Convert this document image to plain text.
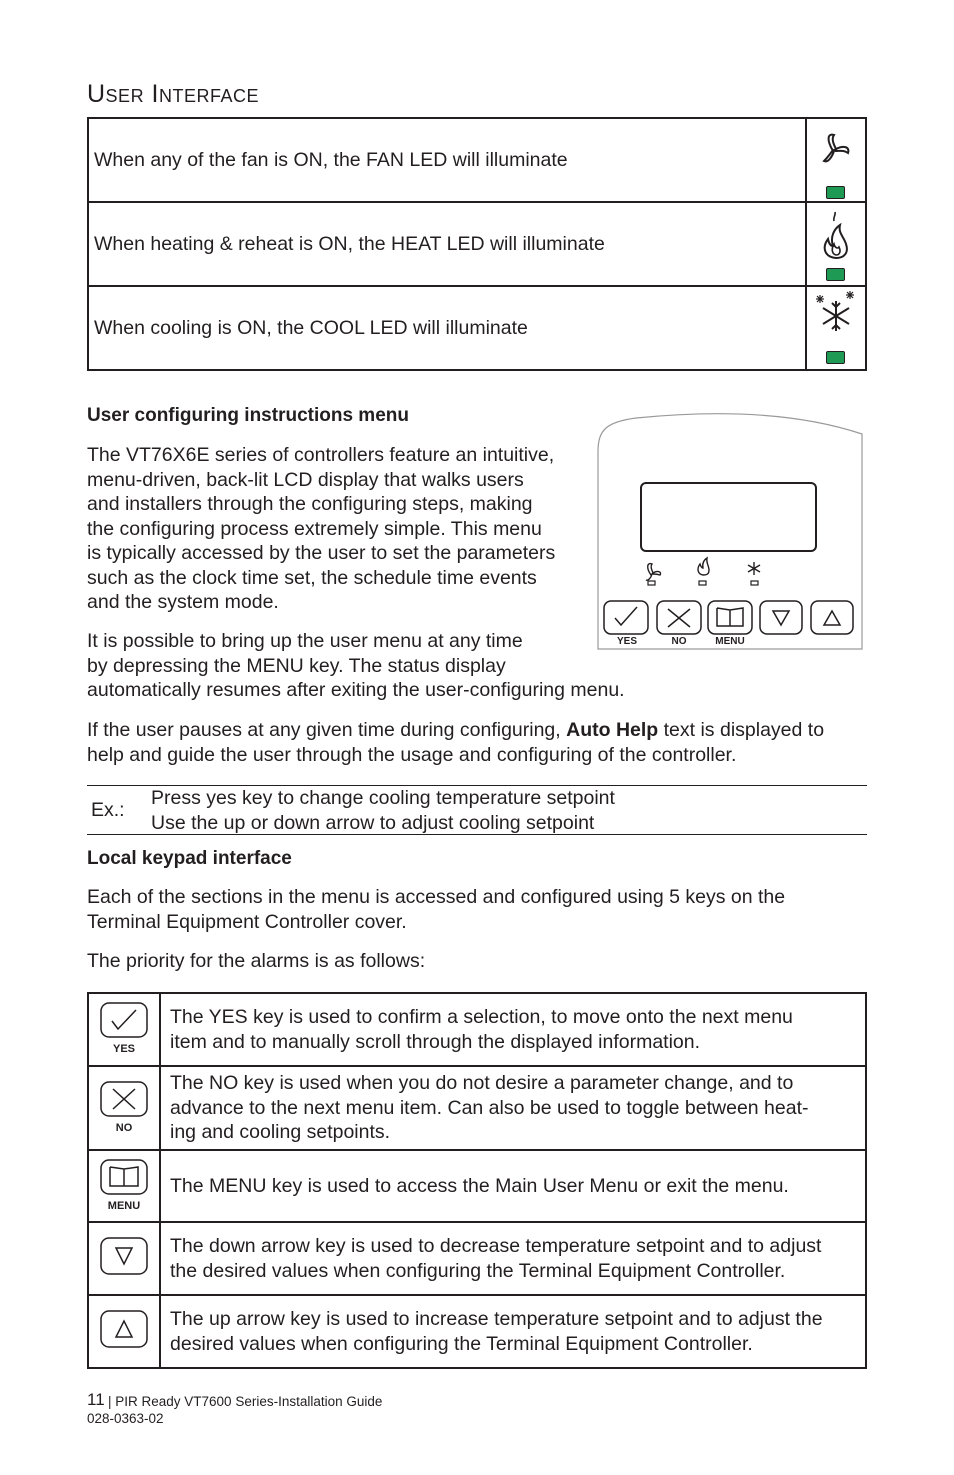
User Interface
When any of the fan is ON, the FAN LED will illuminate	

When heating & reheat is ON, the HEAT LED will illuminate	

When cooling is ON, the COOL LED will illuminate	
User configuring instructions menu

The VT76X6E series of controllers feature an intuitive,
menu-driven, back-lit LCD display that walks users
and installers through the configuring steps, making
the configuring process extremely simple. This menu
is typically accessed by the user to set the parameters
such as the clock time set, the schedule time events
and the system mode.

It is possible to bring up the user menu at any time
by depressing the MENU key. The status display
automatically resumes after exiting the user-configuring menu.

YES	NO	MENU

If the user pauses at any given time during configuring, Auto Help text is displayed to
help and guide the user through the usage and configuring of the controller.

Ex.:
Press yes key to change cooling temperature setpoint
Use the up or down arrow to adjust cooling setpoint
Local keypad interface

Each of the sections in the menu is accessed and configured using 5 keys on the
Terminal Equipment Controller cover.

The priority for the alarms is as follows:

YES	The YES key is used to confirm a selection, to move onto the next menu
item and to manually scroll through the displayed information.

NO	The NO key is used when you do not desire a parameter change, and to
advance to the next menu item. Can also be used to toggle between heat-
ing and cooling setpoints.

MENU	The MENU key is used to access the Main User Menu or exit the menu.
	The down arrow key is used to decrease temperature setpoint and to adjust
the desired values when configuring the Terminal Equipment Controller.
	The up arrow key is used to increase temperature setpoint and to adjust the
desired values when configuring the Terminal Equipment Controller.
11 | PIR Ready VT7600 Series-Installation Guide
028-0363-02
